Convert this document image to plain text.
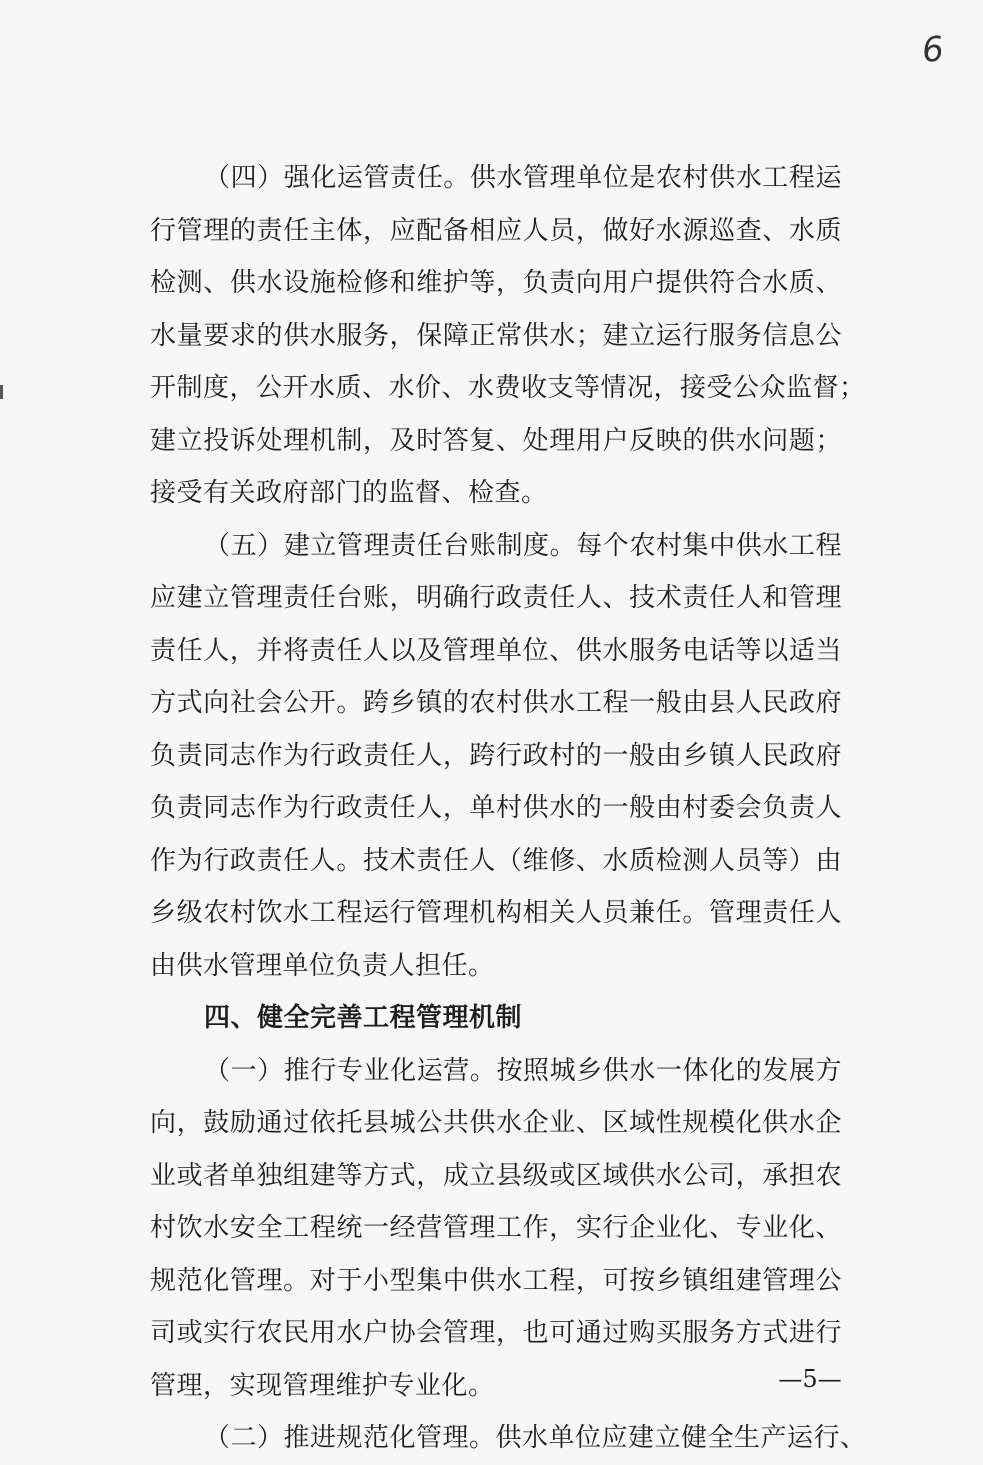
6
（四）强化运管责任。供水管理单位是农村供水工程运
行管理的责任主体，应配备相应人员，做好水源巡查、水质
检测、供水设施检修和维护等，负责向用户提供符合水质、
水量要求的供水服务，保障正常供水；建立运行服务信息公
开制度，公开水质、水价、水费收支等情况，接受公众监督；
建立投诉处理机制，及时答复、处理用户反映的供水问题；
接受有关政府部门的监督、检查。
（五）建立管理责任台账制度。每个农村集中供水工程
应建立管理责任台账，明确行政责任人、技术责任人和管理
责任人，并将责任人以及管理单位、供水服务电话等以适当
方式向社会公开。跨乡镇的农村供水工程一般由县人民政府
负责同志作为行政责任人，跨行政村的一般由乡镇人民政府
负责同志作为行政责任人，单村供水的一般由村委会负责人
作为行政责任人。技术责任人（维修、水质检测人员等）由
乡级农村饮水工程运行管理机构相关人员兼任。管理责任人
由供水管理单位负责人担任。
四、健全完善工程管理机制
（一）推行专业化运营。按照城乡供水一体化的发展方
向，鼓励通过依托县城公共供水企业、区域性规模化供水企
业或者单独组建等方式，成立县级或区域供水公司，承担农
村饮水安全工程统一经营管理工作，实行企业化、专业化、
规范化管理。对于小型集中供水工程，可按乡镇组建管理公
司或实行农民用水户协会管理，也可通过购买服务方式进行
管理，实现管理维护专业化。
（二）推进规范化管理。供水单位应建立健全生产运行、
—5—
